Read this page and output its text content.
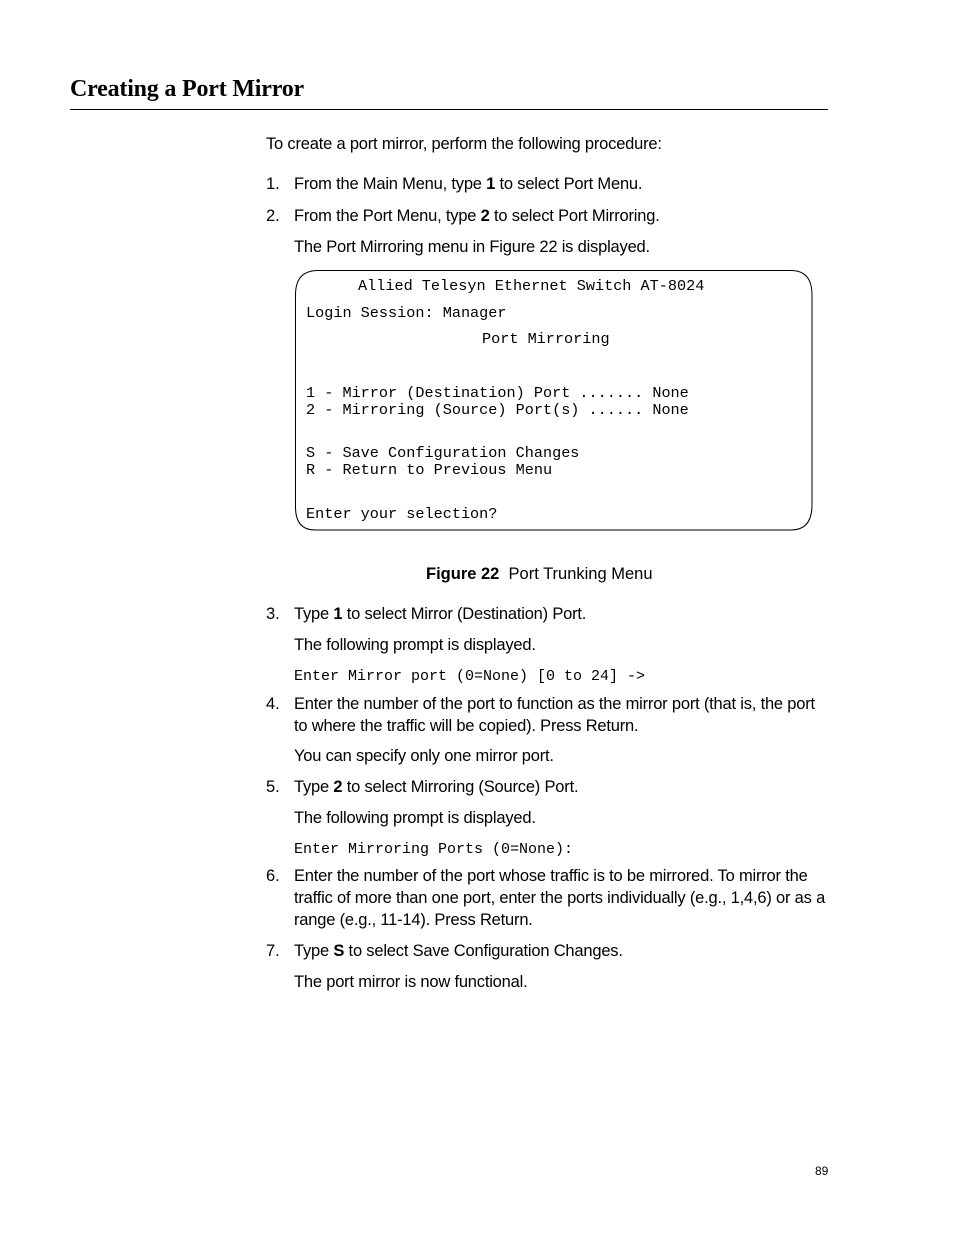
Creating a Port Mirror
To create a port mirror, perform the following procedure:
1. From the Main Menu, type 1 to select Port Menu.
2. From the Port Menu, type 2 to select Port Mirroring.
The Port Mirroring menu in Figure 22 is displayed.
Allied Telesyn Ethernet Switch AT-8024
Login Session: Manager
Port Mirroring
1 - Mirror (Destination) Port ....... None
2 - Mirroring (Source) Port(s) ...... None
S - Save Configuration Changes
R - Return to Previous Menu
Enter your selection?
Figure 22 Port Trunking Menu
3. Type 1 to select Mirror (Destination) Port.
The following prompt is displayed.
Enter Mirror port (0=None) [0 to 24] ->
4. Enter the number of the port to function as the mirror port (that is, the port to where the traffic will be copied). Press Return.
You can specify only one mirror port.
5. Type 2 to select Mirroring (Source) Port.
The following prompt is displayed.
Enter Mirroring Ports (0=None):
6. Enter the number of the port whose traffic is to be mirrored. To mirror the traffic of more than one port, enter the ports individually (e.g., 1,4,6) or as a range (e.g., 11-14). Press Return.
7. Type S to select Save Configuration Changes.
The port mirror is now functional.
89
